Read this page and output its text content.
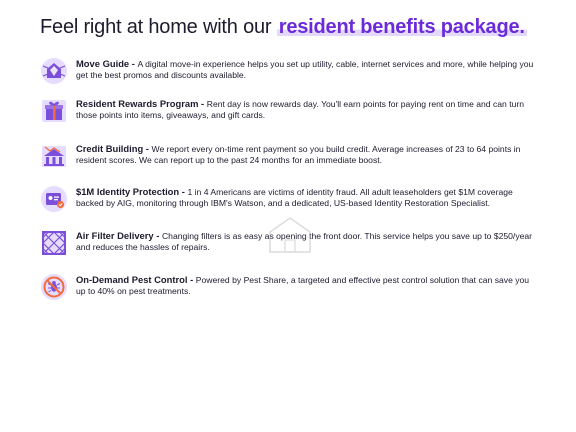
Feel right at home with our resident benefits package.
Move Guide - A digital move-in experience helps you set up utility, cable, internet services and more, while helping you get the best promos and discounts available.
Resident Rewards Program - Rent day is now rewards day. You'll earn points for paying rent on time and can turn those points into items, giveaways, and gift cards.
Credit Building - We report every on-time rent payment so you build credit. Average increases of 23 to 64 points in resident scores. We can report up to the past 24 months for an immediate boost.
$1M Identity Protection - 1 in 4 Americans are victims of identity fraud. All adult leaseholders get $1M coverage backed by AIG, monitoring through IBM's Watson, and a dedicated, US-based Identity Restoration Specialist.
Air Filter Delivery - Changing filters is as easy as opening the front door. This service helps you save up to $250/year and reduces the hassles of repairs.
On-Demand Pest Control - Powered by Pest Share, a targeted and effective pest control solution that can save you up to 40% on pest treatments.
